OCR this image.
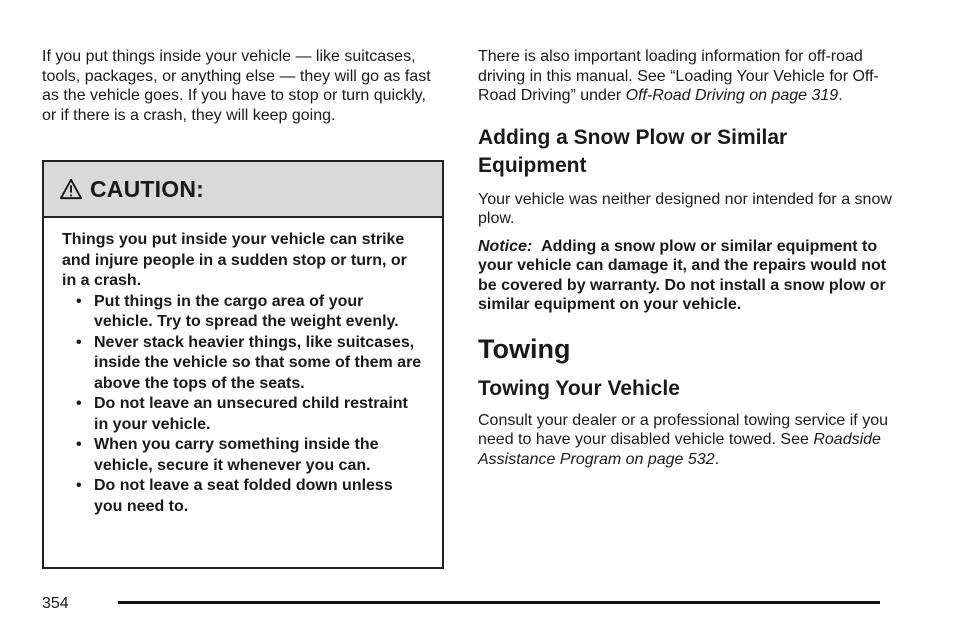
If you put things inside your vehicle — like suitcases, tools, packages, or anything else — they will go as fast as the vehicle goes. If you have to stop or turn quickly, or if there is a crash, they will keep going.

CAUTION:

Things you put inside your vehicle can strike and injure people in a sudden stop or turn, or in a crash.

• Put things in the cargo area of your vehicle. Try to spread the weight evenly.
• Never stack heavier things, like suitcases, inside the vehicle so that some of them are above the tops of the seats.
• Do not leave an unsecured child restraint in your vehicle.
• When you carry something inside the vehicle, secure it whenever you can.
• Do not leave a seat folded down unless you need to.

There is also important loading information for off-road driving in this manual. See “Loading Your Vehicle for Off-Road Driving” under Off-Road Driving on page 319.

Adding a Snow Plow or Similar Equipment

Your vehicle was neither designed nor intended for a snow plow.

Notice: Adding a snow plow or similar equipment to your vehicle can damage it, and the repairs would not be covered by warranty. Do not install a snow plow or similar equipment on your vehicle.

Towing
Towing Your Vehicle

Consult your dealer or a professional towing service if you need to have your disabled vehicle towed. See Roadside Assistance Program on page 532.

354
